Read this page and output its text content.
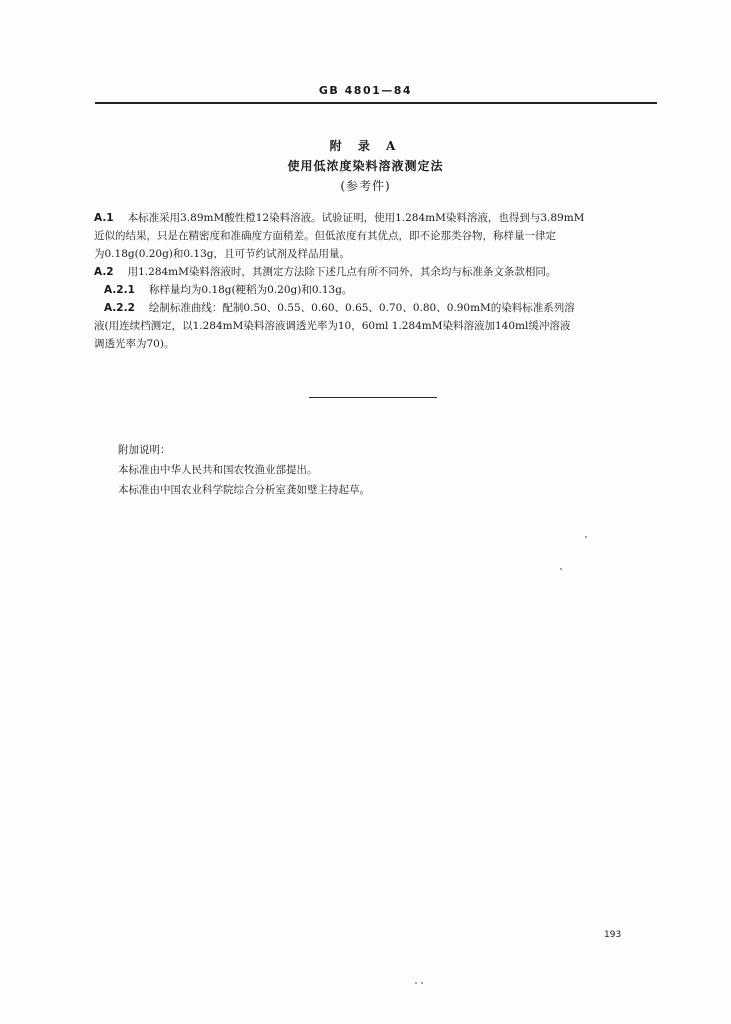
GB 4801—84
附 录 A
使用低浓度染料溶液测定法
(参考件)

A.1 本标准采用3.89mM酸性橙12染料溶液。试验证明，使用1.284mM染料溶液，也得到与3.89mM

近似的结果，只是在精密度和准确度方面稍差。但低浓度有其优点，即不论那类谷物，称样量一律定

为0.18g(0.20g)和0.13g，且可节约试剂及样品用量。

A.2 用1.284mM染料溶液时，其测定方法除下述几点有所不同外，其余均与标准条文条款相同。

A.2.1 称样量均为0.18g(粳稻为0.20g)和0.13g。

A.2.2 绘制标准曲线：配制0.50、0.55、0.60、0.65、0.70、0.80、0.90mM的染料标准系列溶

液(用连续档测定，以1.284mM染料溶液调透光率为10，60ml 1.284mM染料溶液加140ml缓冲溶液

调透光率为70)。

附加说明：

本标准由中华人民共和国农牧渔业部提出。

本标准由中国农业科学院综合分析室龚如璧主持起草。

193
